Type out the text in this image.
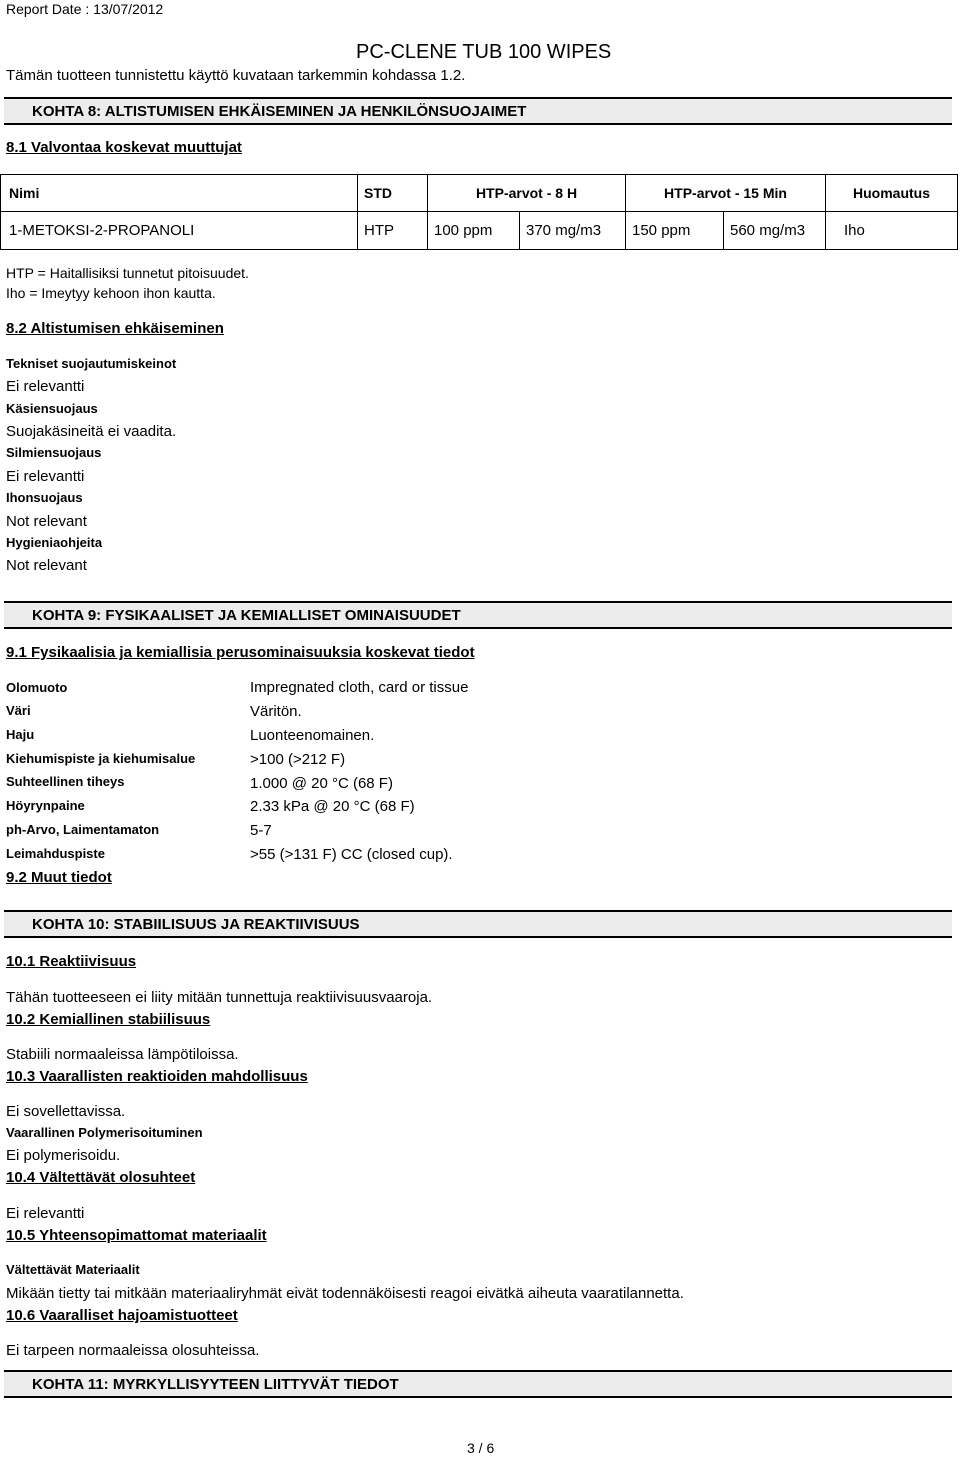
Report Date : 13/07/2012
PC-CLENE TUB 100 WIPES
Tämän tuotteen tunnistettu käyttö kuvataan tarkemmin kohdassa 1.2.
KOHTA 8: ALTISTUMISEN EHKÄISEMINEN JA HENKILÖNSUOJAIMET
8.1 Valvontaa koskevat muuttujat
Nimi	STD	HTP-arvot - 8 H	HTP-arvot - 15 Min	Huomautus
1-METOKSI-2-PROPANOLI	HTP	100 ppm	370 mg/m3	150 ppm	560 mg/m3	Iho
HTP = Haitallisiksi tunnetut pitoisuudet.
Iho = Imeytyy kehoon ihon kautta.
8.2 Altistumisen ehkäiseminen
Tekniset suojautumiskeinot
Ei relevantti
Käsiensuojaus
Suojakäsineitä ei vaadita.
Silmiensuojaus
Ei relevantti
Ihonsuojaus
Not relevant
Hygieniaohjeita
Not relevant
KOHTA 9: FYSIKAALISET JA KEMIALLISET OMINAISUUDET
9.1 Fysikaalisia ja kemiallisia perusominaisuuksia koskevat tiedot
Olomuoto	Impregnated cloth, card or tissue
Väri	Väritön.
Haju	Luonteenomainen.
Kiehumispiste ja kiehumisalue	>100 (>212 F)
Suhteellinen tiheys	1.000 @ 20 °C (68 F)
Höyrynpaine	2.33 kPa @ 20 °C (68 F)
ph-Arvo, Laimentamaton	5-7
Leimahduspiste	>55 (>131 F) CC (closed cup).
9.2 Muut tiedot
KOHTA 10: STABIILISUUS JA REAKTIIVISUUS
10.1 Reaktiivisuus
Tähän tuotteeseen ei liity mitään tunnettuja reaktiivisuusvaaroja.
10.2 Kemiallinen stabiilisuus
Stabiili normaaleissa lämpötiloissa.
10.3 Vaarallisten reaktioiden mahdollisuus
Ei sovellettavissa.
Vaarallinen Polymerisoituminen
Ei polymerisoidu.
10.4 Vältettävät olosuhteet
Ei relevantti
10.5 Yhteensopimattomat materiaalit
Vältettävät Materiaalit
Mikään tietty tai mitkään materiaaliryhmät eivät todennäköisesti reagoi eivätkä aiheuta vaaratilannetta.
10.6 Vaaralliset hajoamistuotteet
Ei tarpeen normaaleissa olosuhteissa.
KOHTA 11: MYRKYLLISYYTEEN LIITTYVÄT TIEDOT
3 / 6
